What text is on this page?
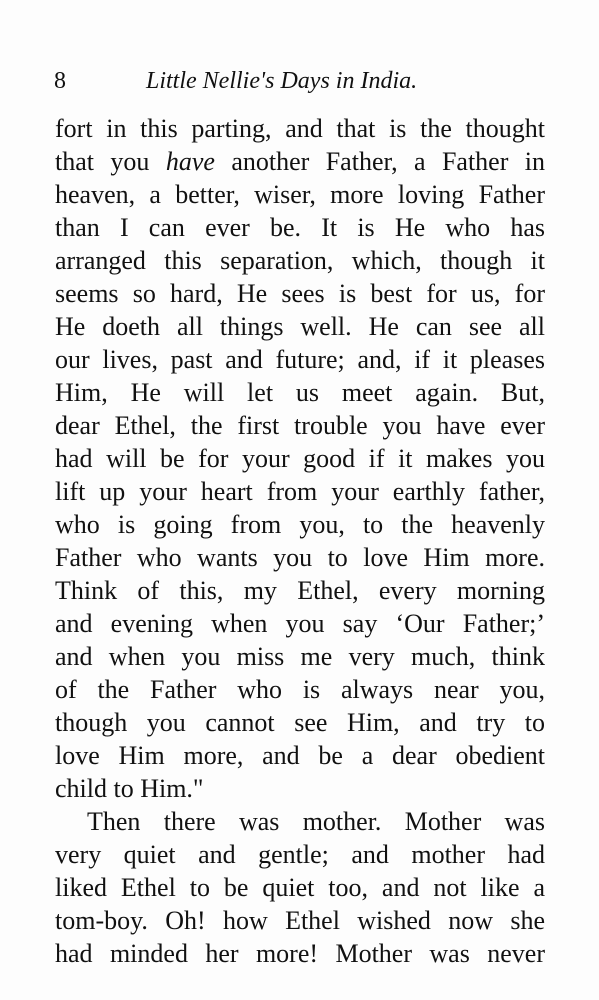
8	Little Nellie's Days in India.
fort in this parting, and that is the thought
that you have another Father, a Father in
heaven, a better, wiser, more loving Father
than I can ever be. It is He who has
arranged this separation, which, though it
seems so hard, He sees is best for us, for
He doeth all things well. He can see all
our lives, past and future; and, if it pleases
Him, He will let us meet again. But,
dear Ethel, the first trouble you have ever
had will be for your good if it makes you
lift up your heart from your earthly father,
who is going from you, to the heavenly
Father who wants you to love Him more.
Think of this, my Ethel, every morning
and evening when you say ‘Our Father;’
and when you miss me very much, think
of the Father who is always near you,
though you cannot see Him, and try to
love Him more, and be a dear obedient
child to Him."
Then there was mother. Mother was
very quiet and gentle; and mother had
liked Ethel to be quiet too, and not like a
tom-boy. Oh! how Ethel wished now she
had minded her more! Mother was never
